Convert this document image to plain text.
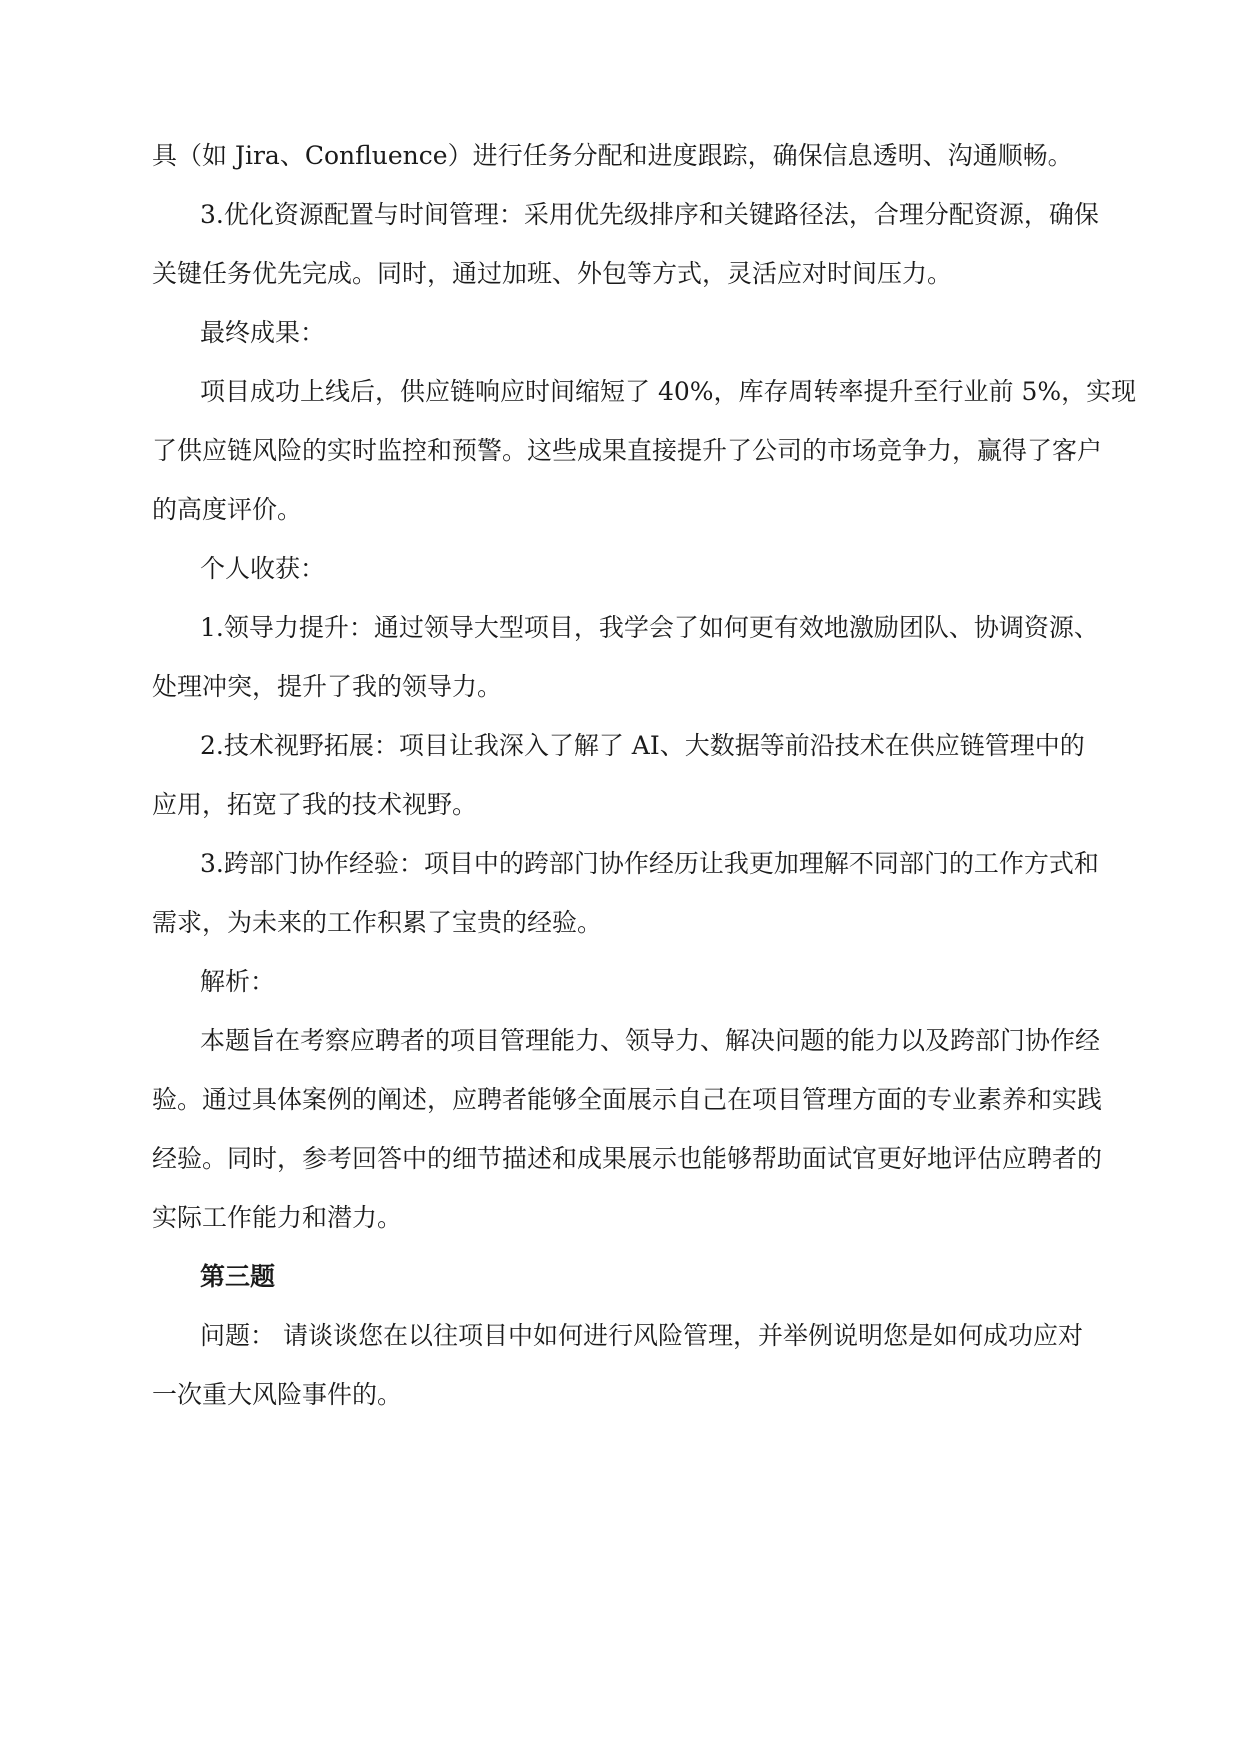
具（如 Jira、Confluence）进行任务分配和进度跟踪，确保信息透明、沟通顺畅。
3.优化资源配置与时间管理：采用优先级排序和关键路径法，合理分配资源，确保
关键任务优先完成。同时，通过加班、外包等方式，灵活应对时间压力。
最终成果：
项目成功上线后，供应链响应时间缩短了 40%，库存周转率提升至行业前 5%，实现
了供应链风险的实时监控和预警。这些成果直接提升了公司的市场竞争力，赢得了客户
的高度评价。
个人收获：
1.领导力提升：通过领导大型项目，我学会了如何更有效地激励团队、协调资源、
处理冲突，提升了我的领导力。
2.技术视野拓展：项目让我深入了解了 AI、大数据等前沿技术在供应链管理中的
应用，拓宽了我的技术视野。
3.跨部门协作经验：项目中的跨部门协作经历让我更加理解不同部门的工作方式和
需求，为未来的工作积累了宝贵的经验。
解析：
本题旨在考察应聘者的项目管理能力、领导力、解决问题的能力以及跨部门协作经
验。通过具体案例的阐述，应聘者能够全面展示自己在项目管理方面的专业素养和实践
经验。同时，参考回答中的细节描述和成果展示也能够帮助面试官更好地评估应聘者的
实际工作能力和潜力。
第三题
问题： 请谈谈您在以往项目中如何进行风险管理，并举例说明您是如何成功应对
一次重大风险事件的。
